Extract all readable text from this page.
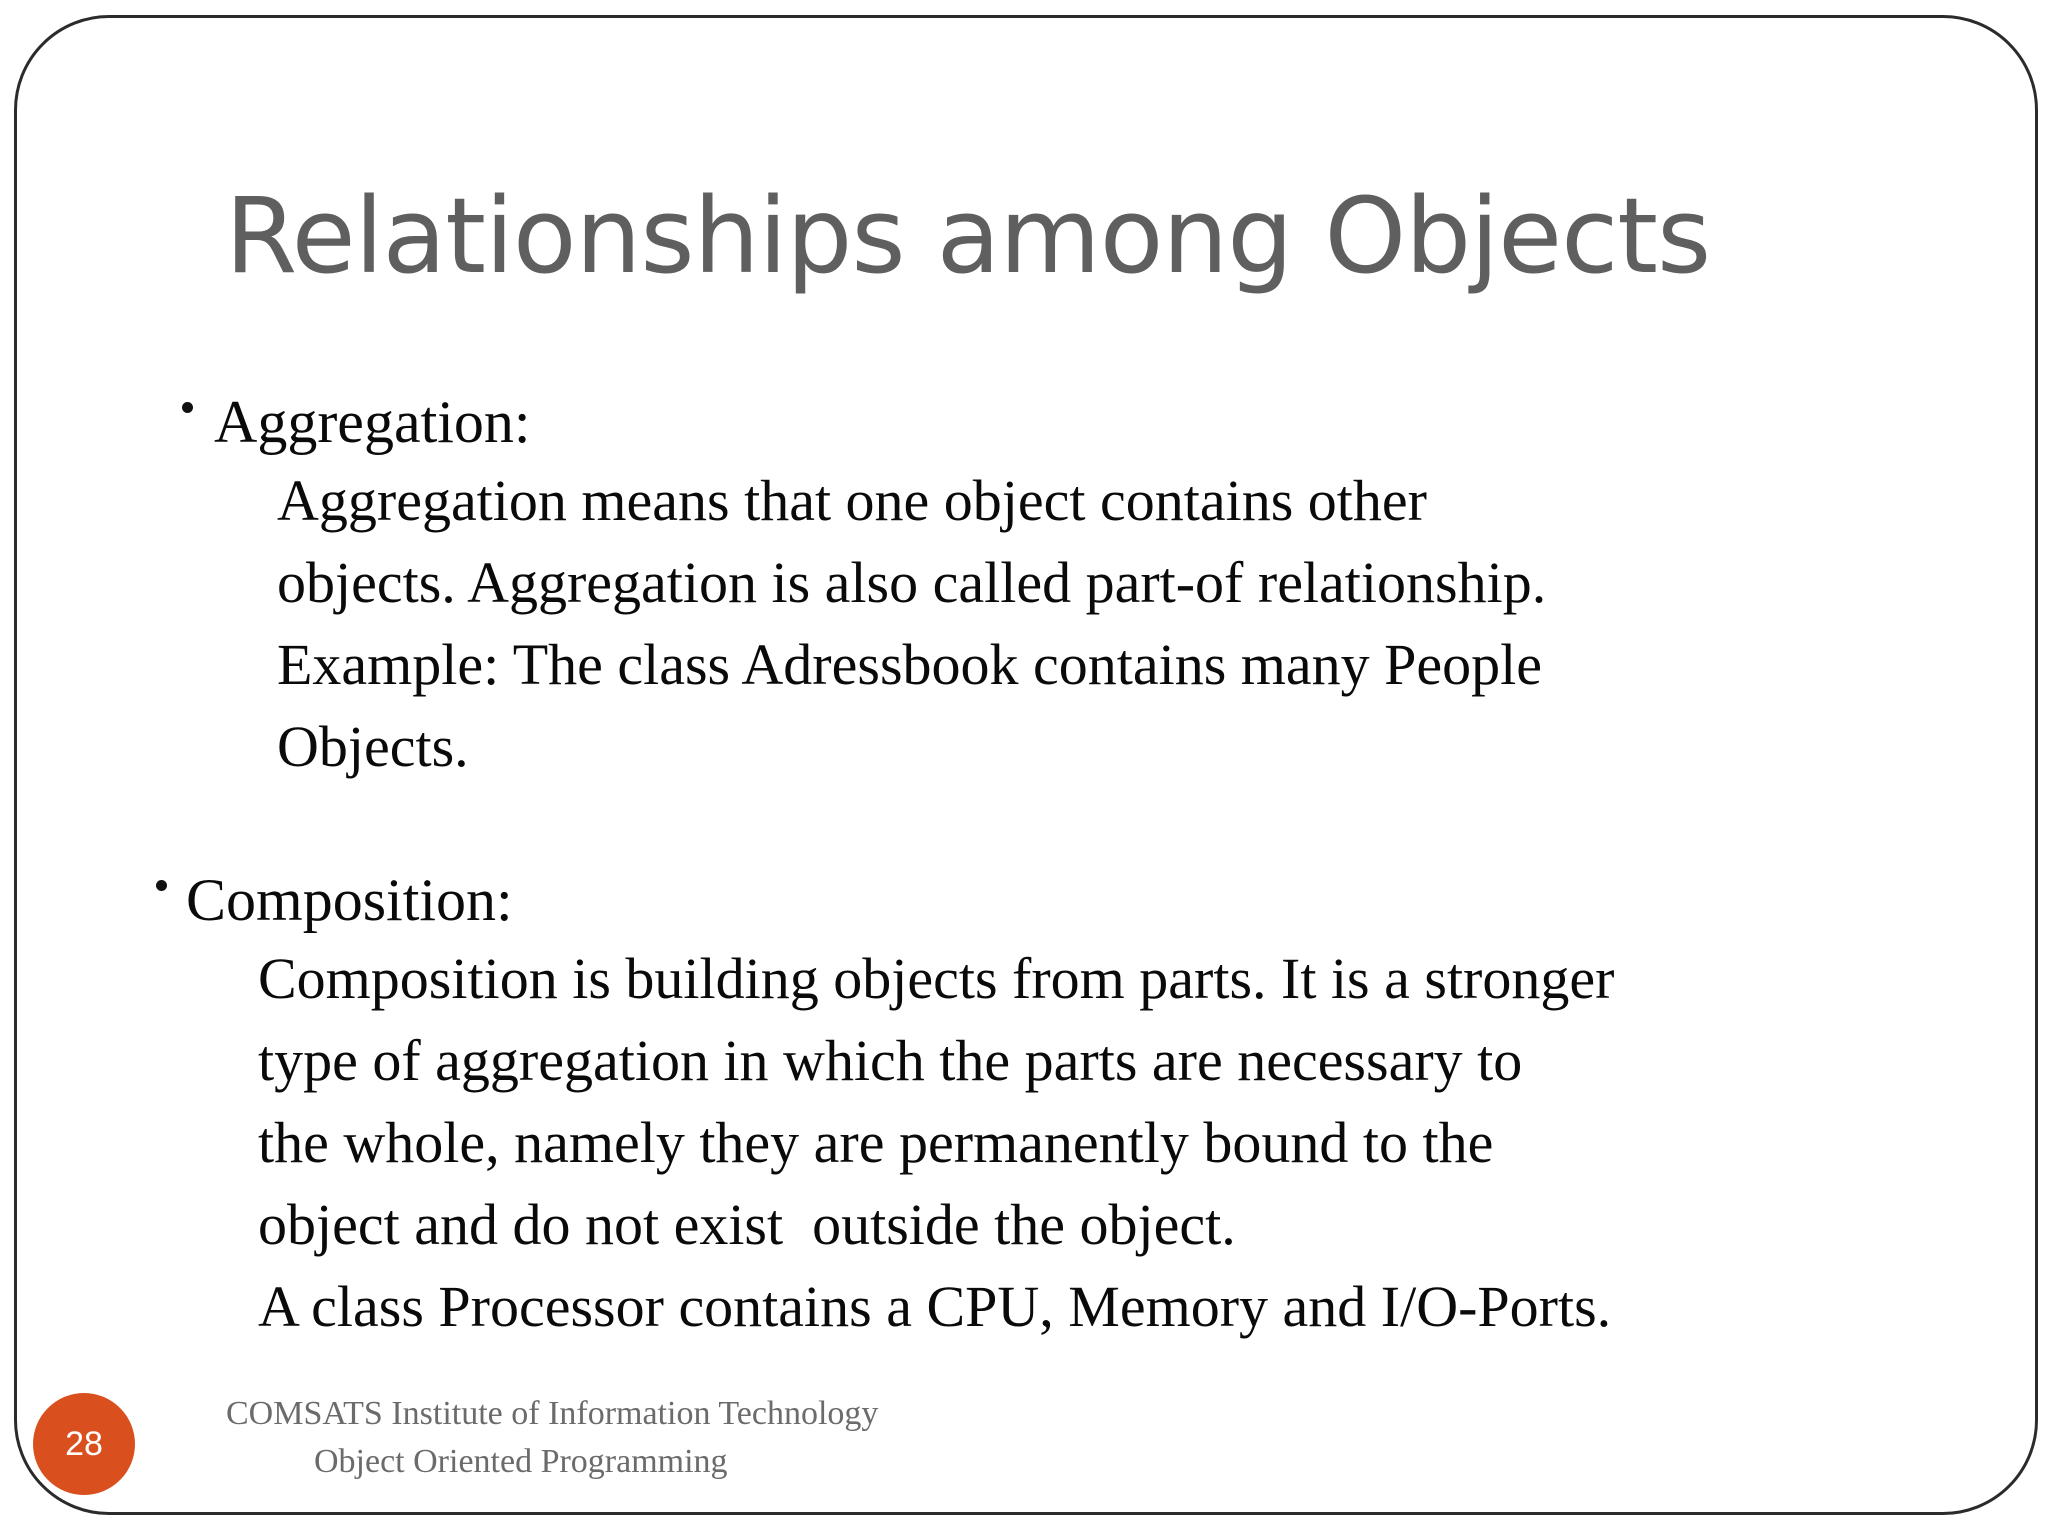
Relationships among Objects
Aggregation:
Aggregation means that one object contains other
objects. Aggregation is also called part-of relationship.
Example: The class Adressbook contains many People
Objects.
Composition:
Composition is building objects from parts. It is a stronger
type of aggregation in which the parts are necessary to
the whole, namely they are permanently bound to the
object and do not exist  outside the object.
A class Processor contains a CPU, Memory and I/O-Ports.
28

COMSATS Institute of Information Technology

Object Oriented Programming
